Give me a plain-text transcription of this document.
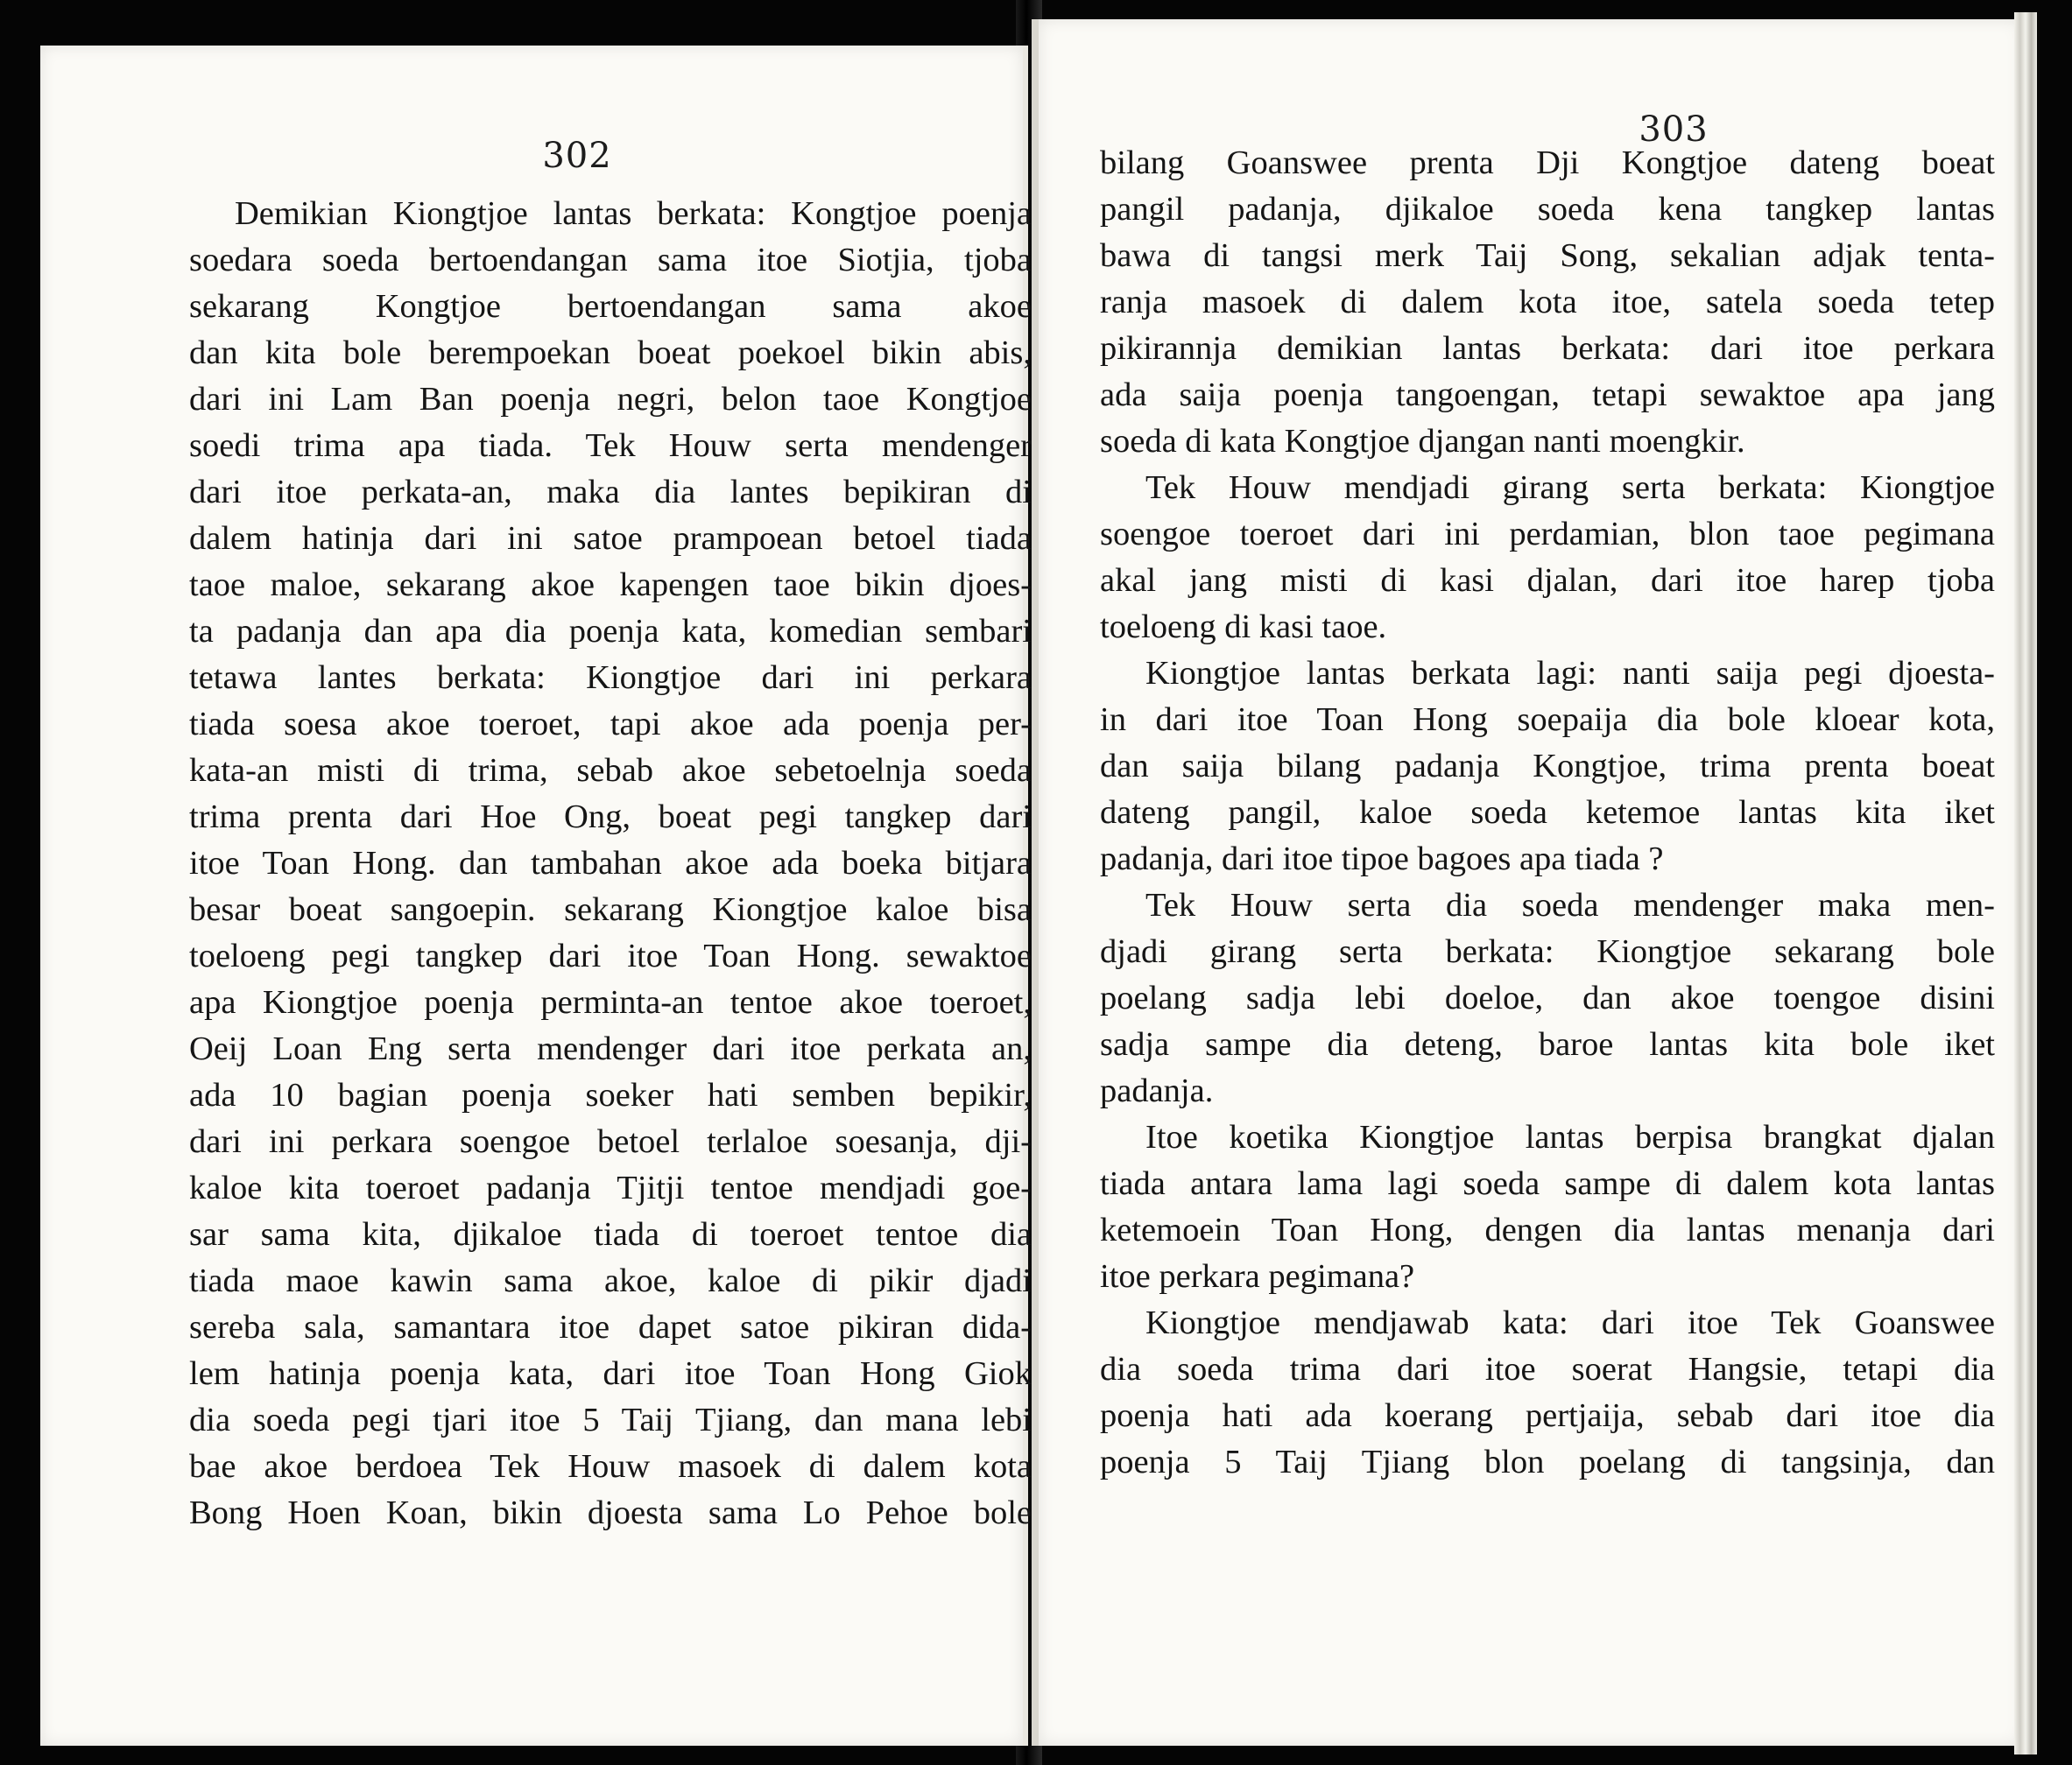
302
Demikian Kiongtjoe lantas berkata: Kongtjoe poenja
soedara soeda bertoendangan sama itoe Siotjia, tjoba
sekarang Kongtjoe bertoendangan sama akoe
dan kita bole berempoekan boeat poekoel bikin abis,
dari ini Lam Ban poenja negri, belon taoe Kongtjoe
soedi trima apa tiada. Tek Houw serta mendenger
dari itoe perkata-an, maka dia lantes bepikiran di
dalem hatinja dari ini satoe prampoean betoel tiada
taoe maloe, sekarang akoe kapengen taoe bikin djoes-
ta padanja dan apa dia poenja kata, komedian sembari
tetawa lantes berkata: Kiongtjoe dari ini perkara
tiada soesa akoe toeroet, tapi akoe ada poenja per-
kata-an misti di trima, sebab akoe sebetoelnja soeda
trima prenta dari Hoe Ong, boeat pegi tangkep dari
itoe Toan Hong. dan tambahan akoe ada boeka bitjara
besar boeat sangoepin. sekarang Kiongtjoe kaloe bisa
toeloeng pegi tangkep dari itoe Toan Hong. sewaktoe
apa Kiongtjoe poenja perminta-an tentoe akoe toeroet,
Oeij Loan Eng serta mendenger dari itoe perkata an,
ada 10 bagian poenja soeker hati semben bepikir,
dari ini perkara soengoe betoel terlaloe soesanja, dji-
kaloe kita toeroet padanja Tjitji tentoe mendjadi goe-
sar sama kita, djikaloe tiada di toeroet tentoe dia
tiada maoe kawin sama akoe, kaloe di pikir djadi
sereba sala, samantara itoe dapet satoe pikiran dida-
lem hatinja poenja kata, dari itoe Toan Hong Giok
dia soeda pegi tjari itoe 5 Taij Tjiang, dan mana lebi
bae akoe berdoea Tek Houw masoek di dalem kota
Bong Hoen Koan, bikin djoesta sama Lo Pehoe bole
303
bilang Goanswee prenta Dji Kongtjoe dateng boeat
pangil padanja, djikaloe soeda kena tangkep lantas
bawa di tangsi merk Taij Song, sekalian adjak tenta-
ranja masoek di dalem kota itoe, satela soeda tetep
pikirannja demikian lantas berkata: dari itoe perkara
ada saija poenja tangoengan, tetapi sewaktoe apa jang
soeda di kata Kongtjoe djangan nanti moengkir.
Tek Houw mendjadi girang serta berkata: Kiongtjoe
soengoe toeroet dari ini perdamian, blon taoe pegimana
akal jang misti di kasi djalan, dari itoe harep tjoba
toeloeng di kasi taoe.
Kiongtjoe lantas berkata lagi: nanti saija pegi djoesta-
in dari itoe Toan Hong soepaija dia bole kloear kota,
dan saija bilang padanja Kongtjoe, trima prenta boeat
dateng pangil, kaloe soeda ketemoe lantas kita iket
padanja, dari itoe tipoe bagoes apa tiada ?
Tek Houw serta dia soeda mendenger maka men-
djadi girang serta berkata: Kiongtjoe sekarang bole
poelang sadja lebi doeloe, dan akoe toengoe disini
sadja sampe dia deteng, baroe lantas kita bole iket
padanja.
Itoe koetika Kiongtjoe lantas berpisa brangkat djalan
tiada antara lama lagi soeda sampe di dalem kota lantas
ketemoein Toan Hong, dengen dia lantas menanja dari
itoe perkara pegimana?
Kiongtjoe mendjawab kata: dari itoe Tek Goanswee
dia soeda trima dari itoe soerat Hangsie, tetapi dia
poenja hati ada koerang pertjaija, sebab dari itoe dia
poenja 5 Taij Tjiang blon poelang di tangsinja, dan
